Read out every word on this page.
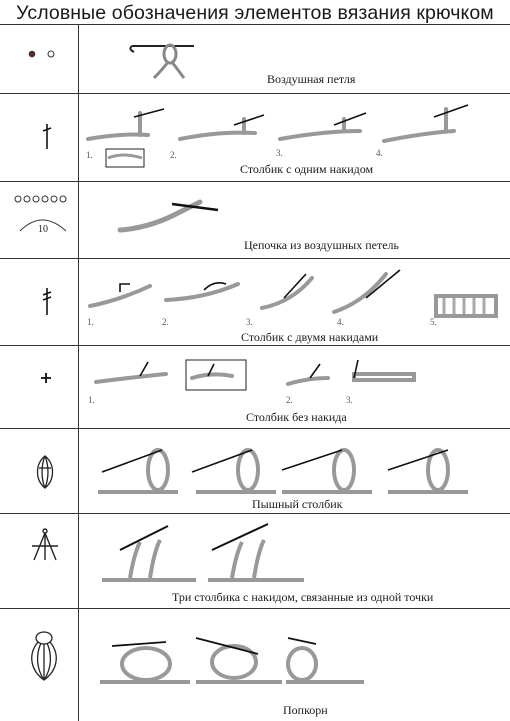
Условные обозначения элементов вязания крючком
Воздушная петля
1.	2.	3.	4.
Столбик с одним накидом
10
Цепочка из воздушных петель
1.	2.	3.	4.	5.
Столбик с двумя накидами
1.	2.	3.
Столбик без накида
Пышный столбик
Три столбика с накидом, связанные из одной точки
Попкорн
